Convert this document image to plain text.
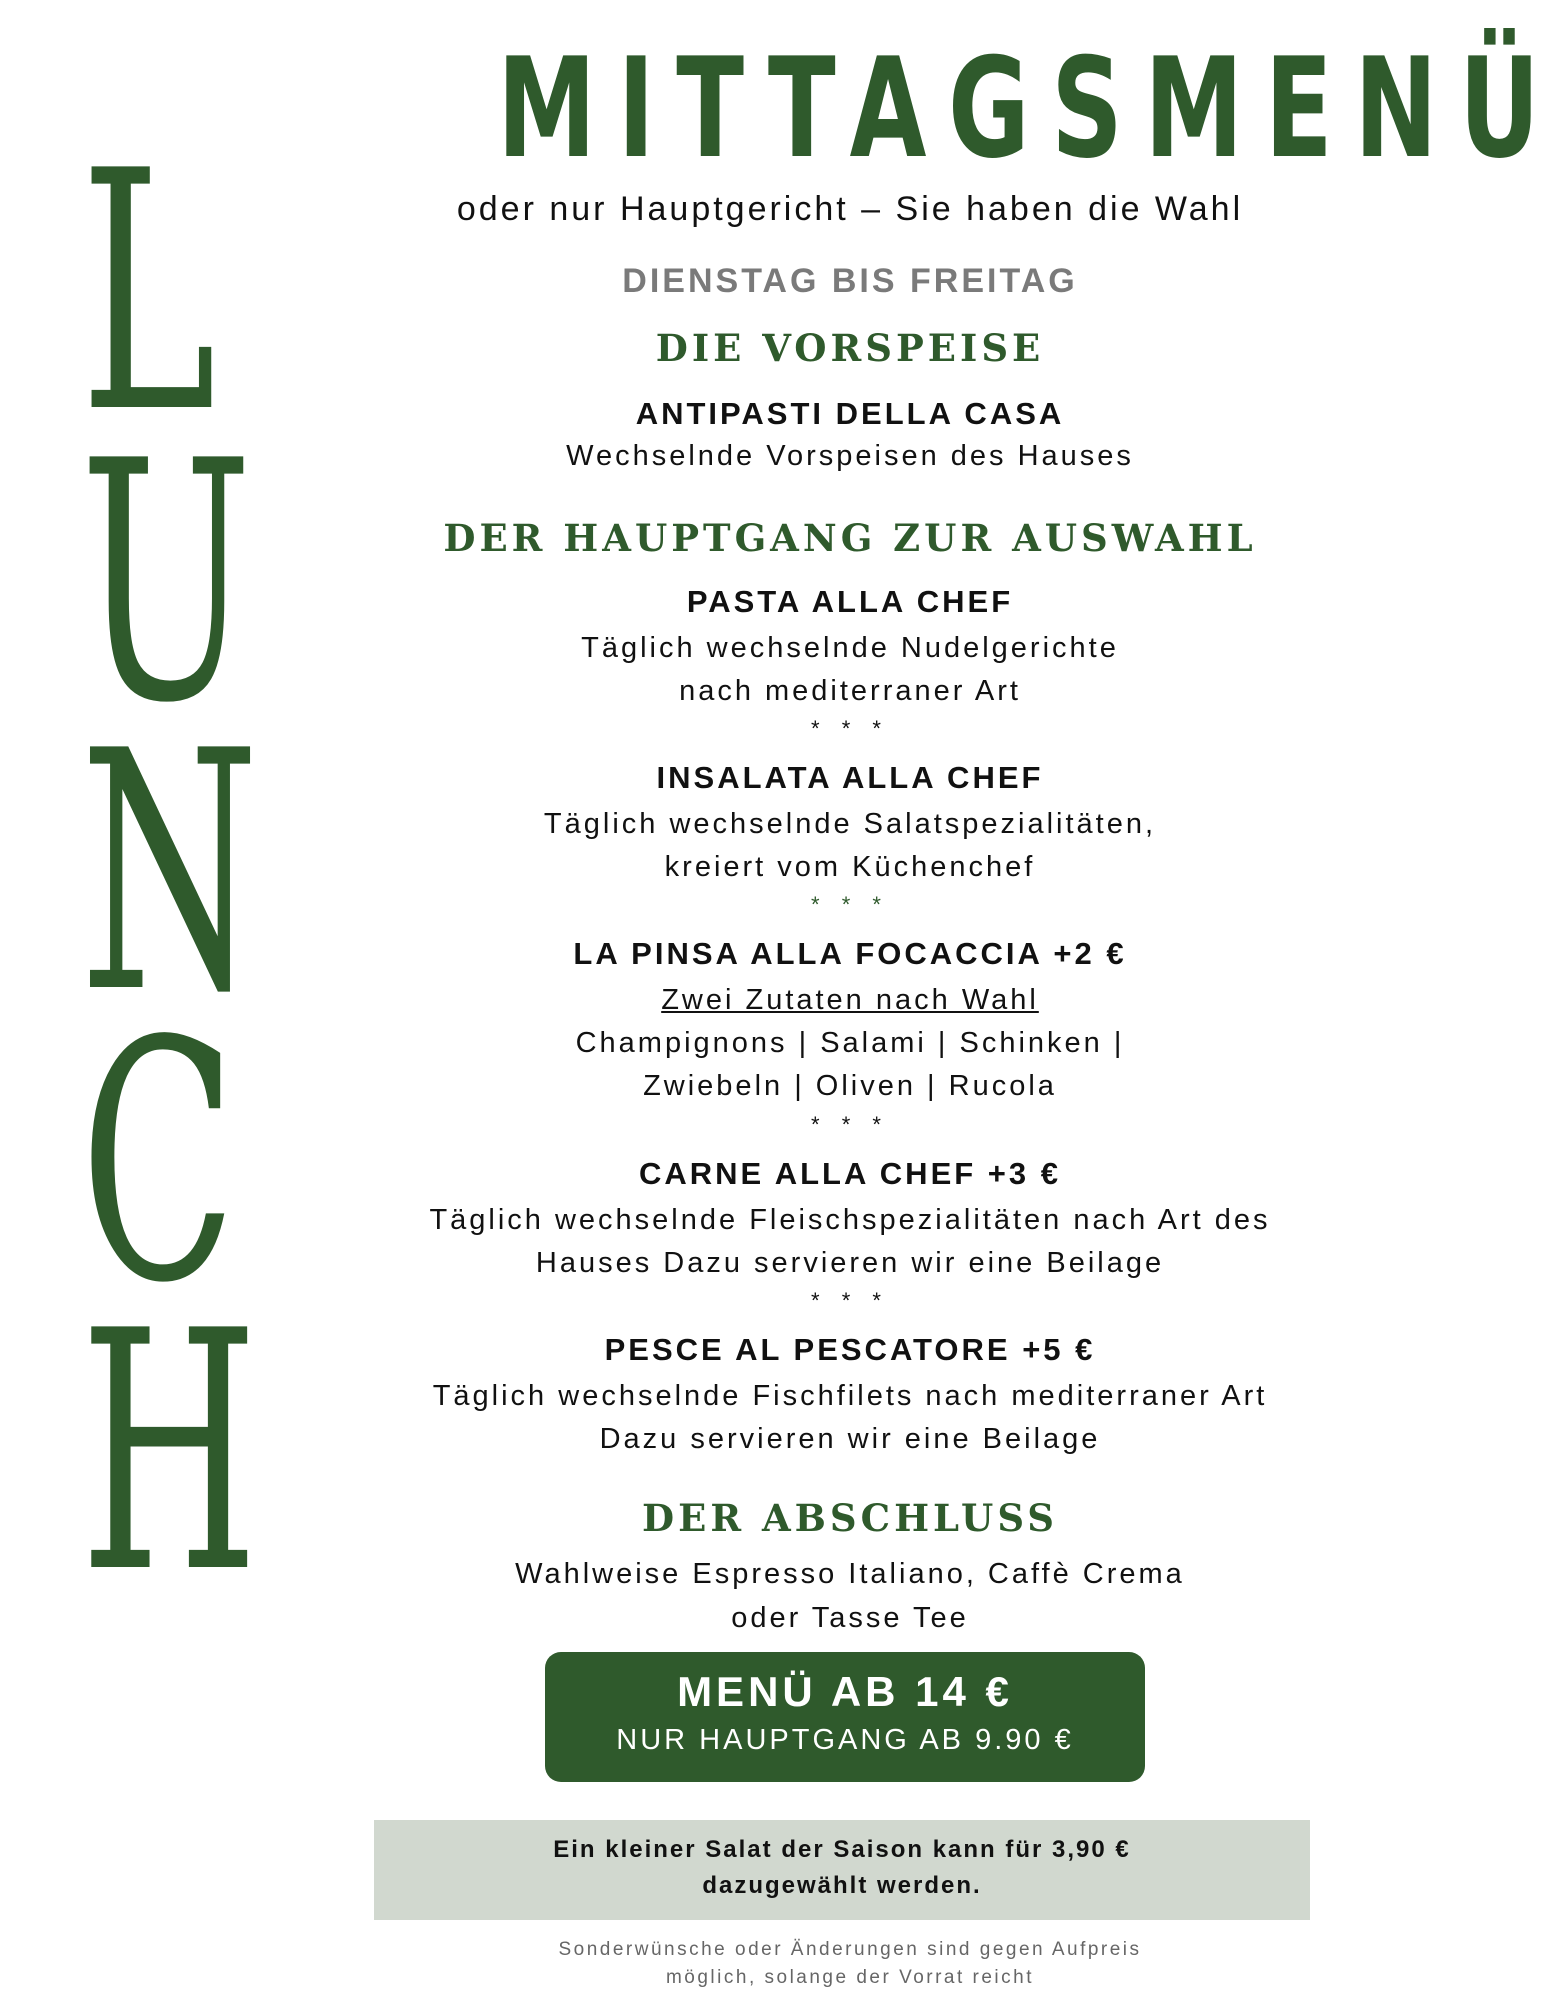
L
U
N
C
H
MITTAGSMENÜ
oder nur Hauptgericht – Sie haben die Wahl
DIENSTAG BIS FREITAG
DIE VORSPEISE
ANTIPASTI DELLA CASA
Wechselnde Vorspeisen des Hauses
DER HAUPTGANG ZUR AUSWAHL
PASTA ALLA CHEF
Täglich wechselnde Nudelgerichte
nach mediterraner Art
* * *
INSALATA ALLA CHEF
Täglich wechselnde Salatspezialitäten,
kreiert vom Küchenchef
* * *
LA PINSA ALLA FOCACCIA +2 €
Zwei Zutaten nach Wahl
Champignons | Salami | Schinken |
Zwiebeln | Oliven | Rucola
* * *
CARNE ALLA CHEF +3 €
Täglich wechselnde Fleischspezialitäten nach Art des
Hauses Dazu servieren wir eine Beilage
* * *
PESCE AL PESCATORE +5 €
Täglich wechselnde Fischfilets nach mediterraner Art
Dazu servieren wir eine Beilage
DER ABSCHLUSS
Wahlweise Espresso Italiano, Caffè Crema
oder Tasse Tee
MENÜ AB 14 €
NUR HAUPTGANG AB 9.90 €
Ein kleiner Salat der Saison kann für 3,90 €
dazugewählt werden.
Sonderwünsche oder Änderungen sind gegen Aufpreis
möglich, solange der Vorrat reicht
